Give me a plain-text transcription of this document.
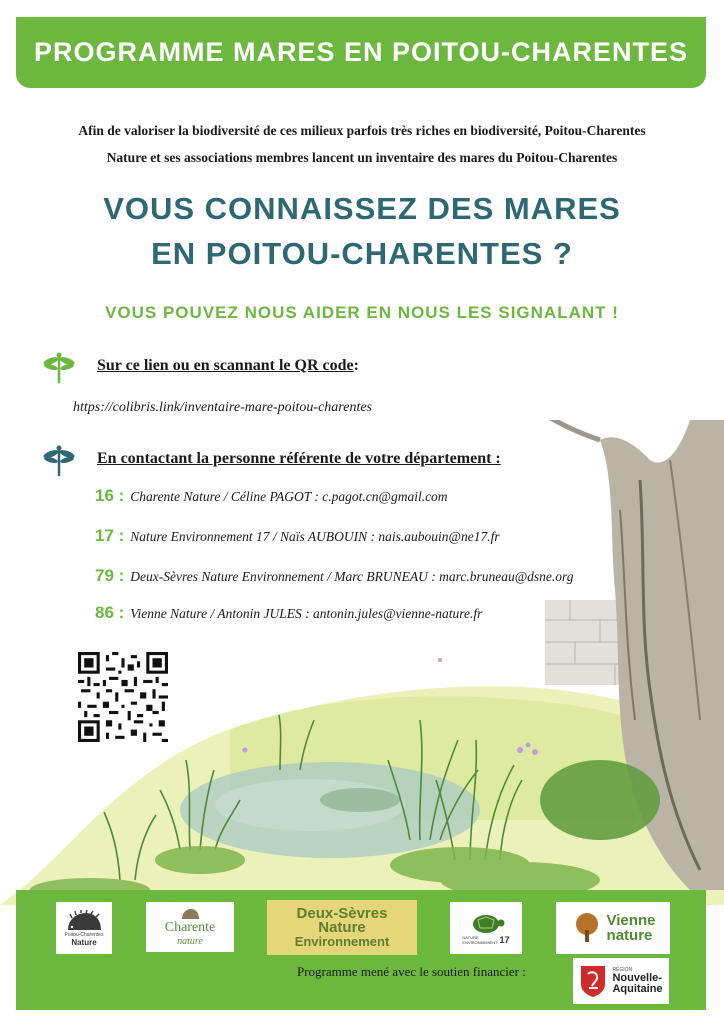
PROGRAMME MARES EN POITOU-CHARENTES
Afin de valoriser la biodiversité de ces milieux parfois très riches en biodiversité, Poitou-Charentes
Nature et ses associations membres lancent un inventaire des mares du Poitou-Charentes
VOUS CONNAISSEZ DES MARES
EN POITOU-CHARENTES ?
VOUS POUVEZ NOUS AIDER EN NOUS LES SIGNALANT !
Sur ce lien ou en scannant le QR code:
https://colibris.link/inventaire-mare-poitou-charentes
En contactant la personne référente de votre département :
16 : Charente Nature / Céline PAGOT : c.pagot.cn@gmail.com
17 : Nature Environnement 17 / Naïs AUBOUIN : nais.aubouin@ne17.fr
79 : Deux-Sèvres Nature Environnement / Marc BRUNEAU : marc.bruneau@dsne.org
86 : Vienne Nature / Antonin JULES : antonin.jules@vienne-nature.fr
Poitou-Charentes
Nature
Charente
nature
Deux-Sèvres
Nature
Environnement	NATURE
ENVIRONNEMENT 17
Vienne
nature
RÉGION
Nouvelle-
Aquitaine
Programme mené avec le soutien financier :
